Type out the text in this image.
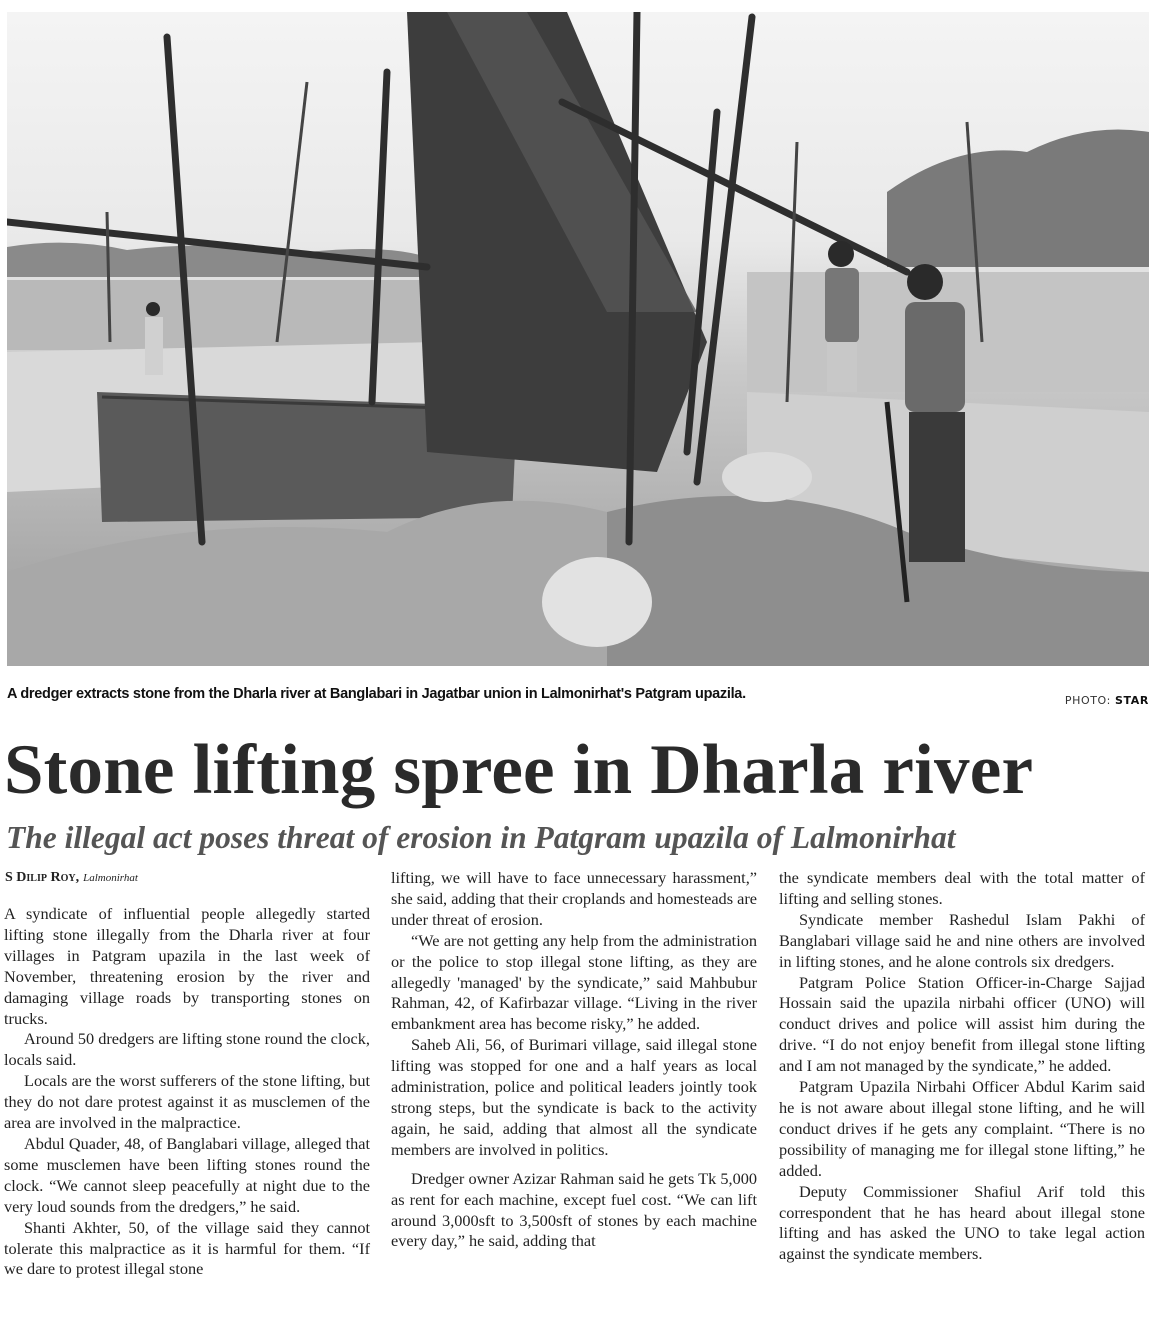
A dredger extracts stone from the Dharla river at Banglabari in Jagatbar union in Lalmonirhat's Patgram upazila.	PHOTO: STAR
Stone lifting spree in Dharla river
The illegal act poses threat of erosion in Patgram upazila of Lalmonirhat
S Dilip Roy, Lalmonirhat

A syndicate of influential people allegedly started lifting stone illegally from the Dharla river at four villages in Patgram upazila in the last week of November, threatening erosion by the river and damaging village roads by transporting stones on trucks.

Around 50 dredgers are lifting stone round the clock, locals said.

Locals are the worst sufferers of the stone lifting, but they do not dare protest against it as musclemen of the area are involved in the malpractice.

Abdul Quader, 48, of Banglabari village, alleged that some musclemen have been lifting stones round the clock. “We cannot sleep peacefully at night due to the very loud sounds from the dredgers,” he said.

Shanti Akhter, 50, of the village said they cannot tolerate this malpractice as it is harmful for them. “If we dare to protest illegal stone

lifting, we will have to face unnecessary harassment,” she said, adding that their croplands and homesteads are under threat of erosion.

“We are not getting any help from the administration or the police to stop illegal stone lifting, as they are allegedly 'managed' by the syndicate,” said Mahbubur Rahman, 42, of Kafirbazar village. “Living in the river embankment area has become risky,” he added.

Saheb Ali, 56, of Burimari village, said illegal stone lifting was stopped for one and a half years as local administration, police and political leaders jointly took strong steps, but the syndicate is back to the activity again, he said, adding that almost all the syndicate members are involved in politics.

Dredger owner Azizar Rahman said he gets Tk 5,000 as rent for each machine, except fuel cost. “We can lift around 3,000sft to 3,500sft of stones by each machine every day,” he said, adding that

the syndicate members deal with the total matter of lifting and selling stones.

Syndicate member Rashedul Islam Pakhi of Banglabari village said he and nine others are involved in lifting stones, and he alone controls six dredgers.

Patgram Police Station Officer-in-Charge Sajjad Hossain said the upazila nirbahi officer (UNO) will conduct drives and police will assist him during the drive. “I do not enjoy benefit from illegal stone lifting and I am not managed by the syndicate,” he added.

Patgram Upazila Nirbahi Officer Abdul Karim said he is not aware about illegal stone lifting, and he will conduct drives if he gets any complaint. “There is no possibility of managing me for illegal stone lifting,” he added.

Deputy Commissioner Shafiul Arif told this correspondent that he has heard about illegal stone lifting and has asked the UNO to take legal action against the syndicate members.
